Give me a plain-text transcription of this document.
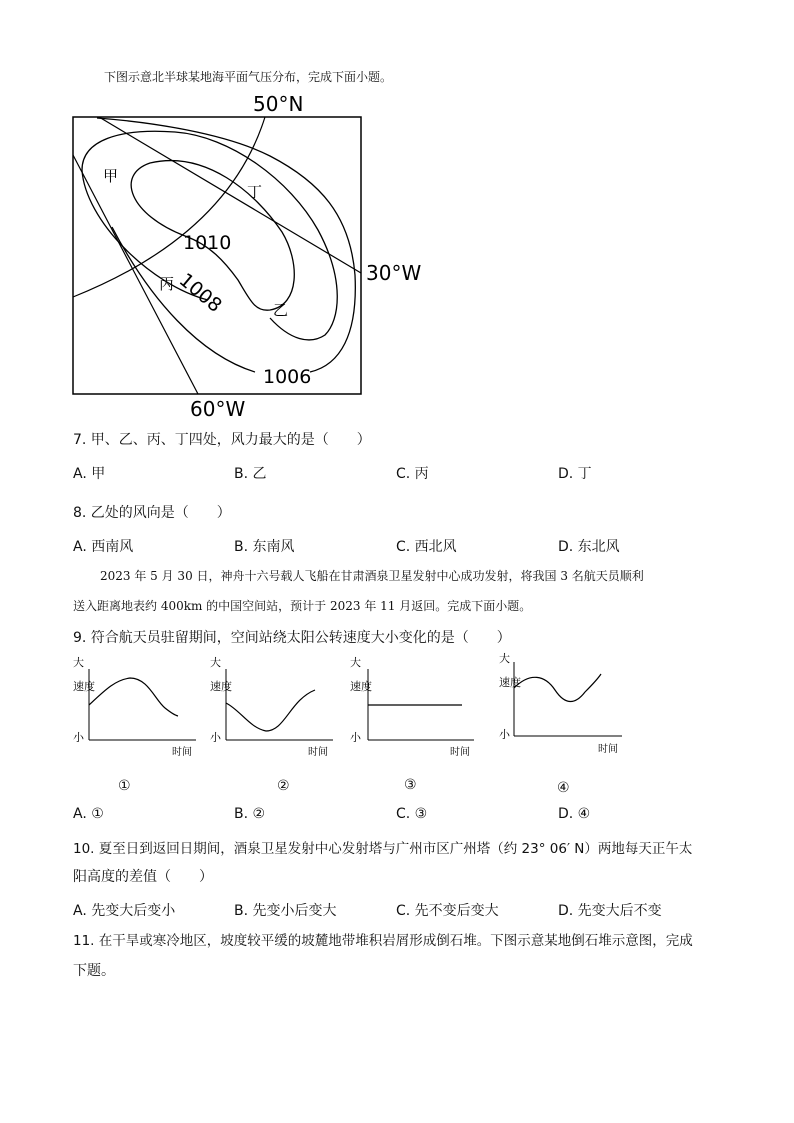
下图示意北半球某地海平面气压分布，完成下面小题。
50°N
30°W
60°W
1010
1008
1006
甲
丁
丙
乙
7. 甲、乙、丙、丁四处，风力最大的是（　　）
A. 甲	B. 乙	C. 丙	D. 丁
8. 乙处的风向是（　　）
A. 西南风	B. 东南风	C. 西北风	D. 东北风
2023 年 5 月 30 日，神舟十六号载人飞船在甘肃酒泉卫星发射中心成功发射，将我国 3 名航天员顺利
送入距离地表约 400km 的中国空间站，预计于 2023 年 11 月返回。完成下面小题。
9. 符合航天员驻留期间，空间站绕太阳公转速度大小变化的是（　　）
大
速度
小
时间
大
速度
小
时间
大
速度
小
时间
大
速度
小
时间
①	②	③	④
A. ①	B. ②	C. ③	D. ④
10. 夏至日到返回日期间，酒泉卫星发射中心发射塔与广州市区广州塔（约 23° 06′ N）两地每天正午太
阳高度的差值（　　）
A. 先变大后变小	B. 先变小后变大	C. 先不变后变大	D. 先变大后不变
11. 在干旱或寒冷地区，坡度较平缓的坡麓地带堆积岩屑形成倒石堆。下图示意某地倒石堆示意图，完成
下题。
